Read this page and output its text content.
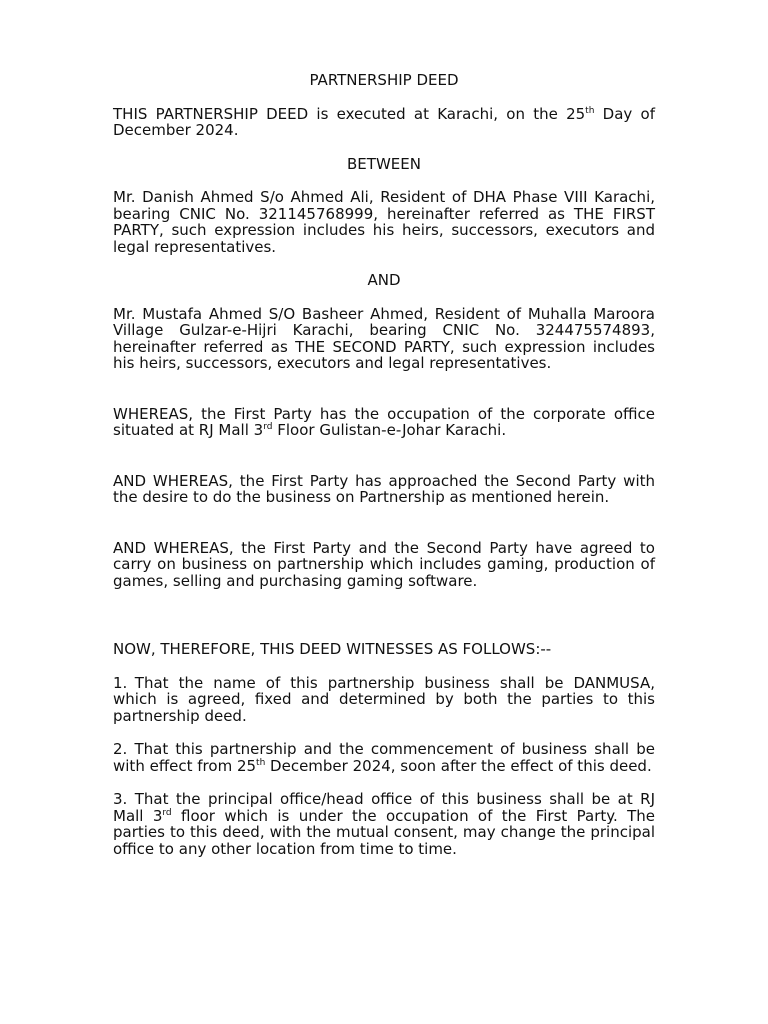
PARTNERSHIP DEED
THIS PARTNERSHIP DEED is executed at Karachi, on the 25th Day of December 2024.
BETWEEN
Mr. Danish Ahmed S/o Ahmed Ali, Resident of DHA Phase VIII Karachi, bearing CNIC No. 321145768999, hereinafter referred as THE FIRST PARTY, such expression includes his heirs, successors, executors and legal representatives.
AND
Mr. Mustafa Ahmed S/O Basheer Ahmed, Resident of Muhalla Maroora Village Gulzar-e-Hijri Karachi, bearing CNIC No. 324475574893, hereinafter referred as THE SECOND PARTY, such expression includes his heirs, successors, executors and legal representatives.
WHEREAS, the First Party has the occupation of the corporate office situated at RJ Mall 3rd Floor Gulistan-e-Johar Karachi.
AND WHEREAS, the First Party has approached the Second Party with the desire to do the business on Partnership as mentioned herein.
AND WHEREAS, the First Party and the Second Party have agreed to carry on business on partnership which includes gaming, production of games, selling and purchasing gaming software.
NOW, THEREFORE, THIS DEED WITNESSES AS FOLLOWS:--
1. That the name of this partnership business shall be DANMUSA, which is agreed, fixed and determined by both the parties to this partnership deed.
2. That this partnership and the commencement of business shall be with effect from 25th December 2024, soon after the effect of this deed.
3. That the principal office/head office of this business shall be at RJ Mall 3rd floor which is under the occupation of the First Party. The parties to this deed, with the mutual consent, may change the principal office to any other location from time to time.
